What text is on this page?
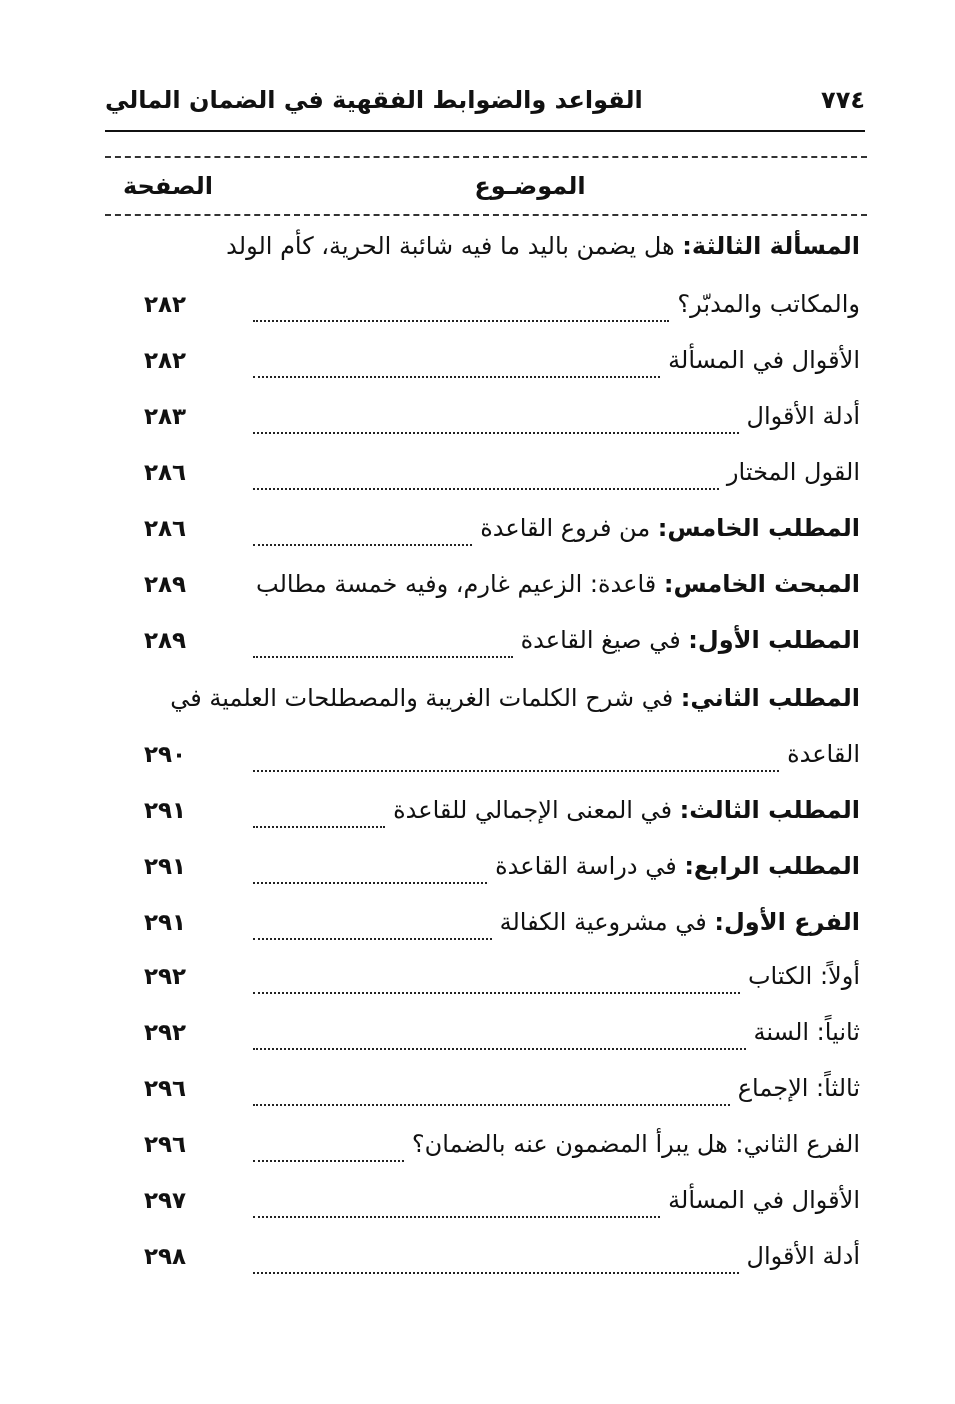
٧٧٤
القواعد والضوابط الفقهية في الضمان المالي
الموضـوع
الصفحة
المسألة الثالثة: هل يضمن باليد ما فيه شائبة الحرية، كأم الولد
والمكاتب والمدبّر؟
٢٨٢
الأقوال في المسألة
٢٨٢
أدلة الأقوال
٢٨٣
القول المختار
٢٨٦
المطلب الخامس: من فروع القاعدة
٢٨٦
المبحث الخامس: قاعدة: الزعيم غارم، وفيه خمسة مطالب
٢٨٩
المطلب الأول: في صيغ القاعدة
٢٨٩
المطلب الثاني: في شرح الكلمات الغريبة والمصطلحات العلمية في
القاعدة
٢٩٠
المطلب الثالث: في المعنى الإجمالي للقاعدة
٢٩١
المطلب الرابع: في دراسة القاعدة
٢٩١
الفرع الأول: في مشروعية الكفالة
٢٩١
أولاً: الكتاب
٢٩٢
ثانياً: السنة
٢٩٢
ثالثاً: الإجماع
٢٩٦
الفرع الثاني: هل يبرأ المضمون عنه بالضمان؟
٢٩٦
الأقوال في المسألة
٢٩٧
أدلة الأقوال
٢٩٨
